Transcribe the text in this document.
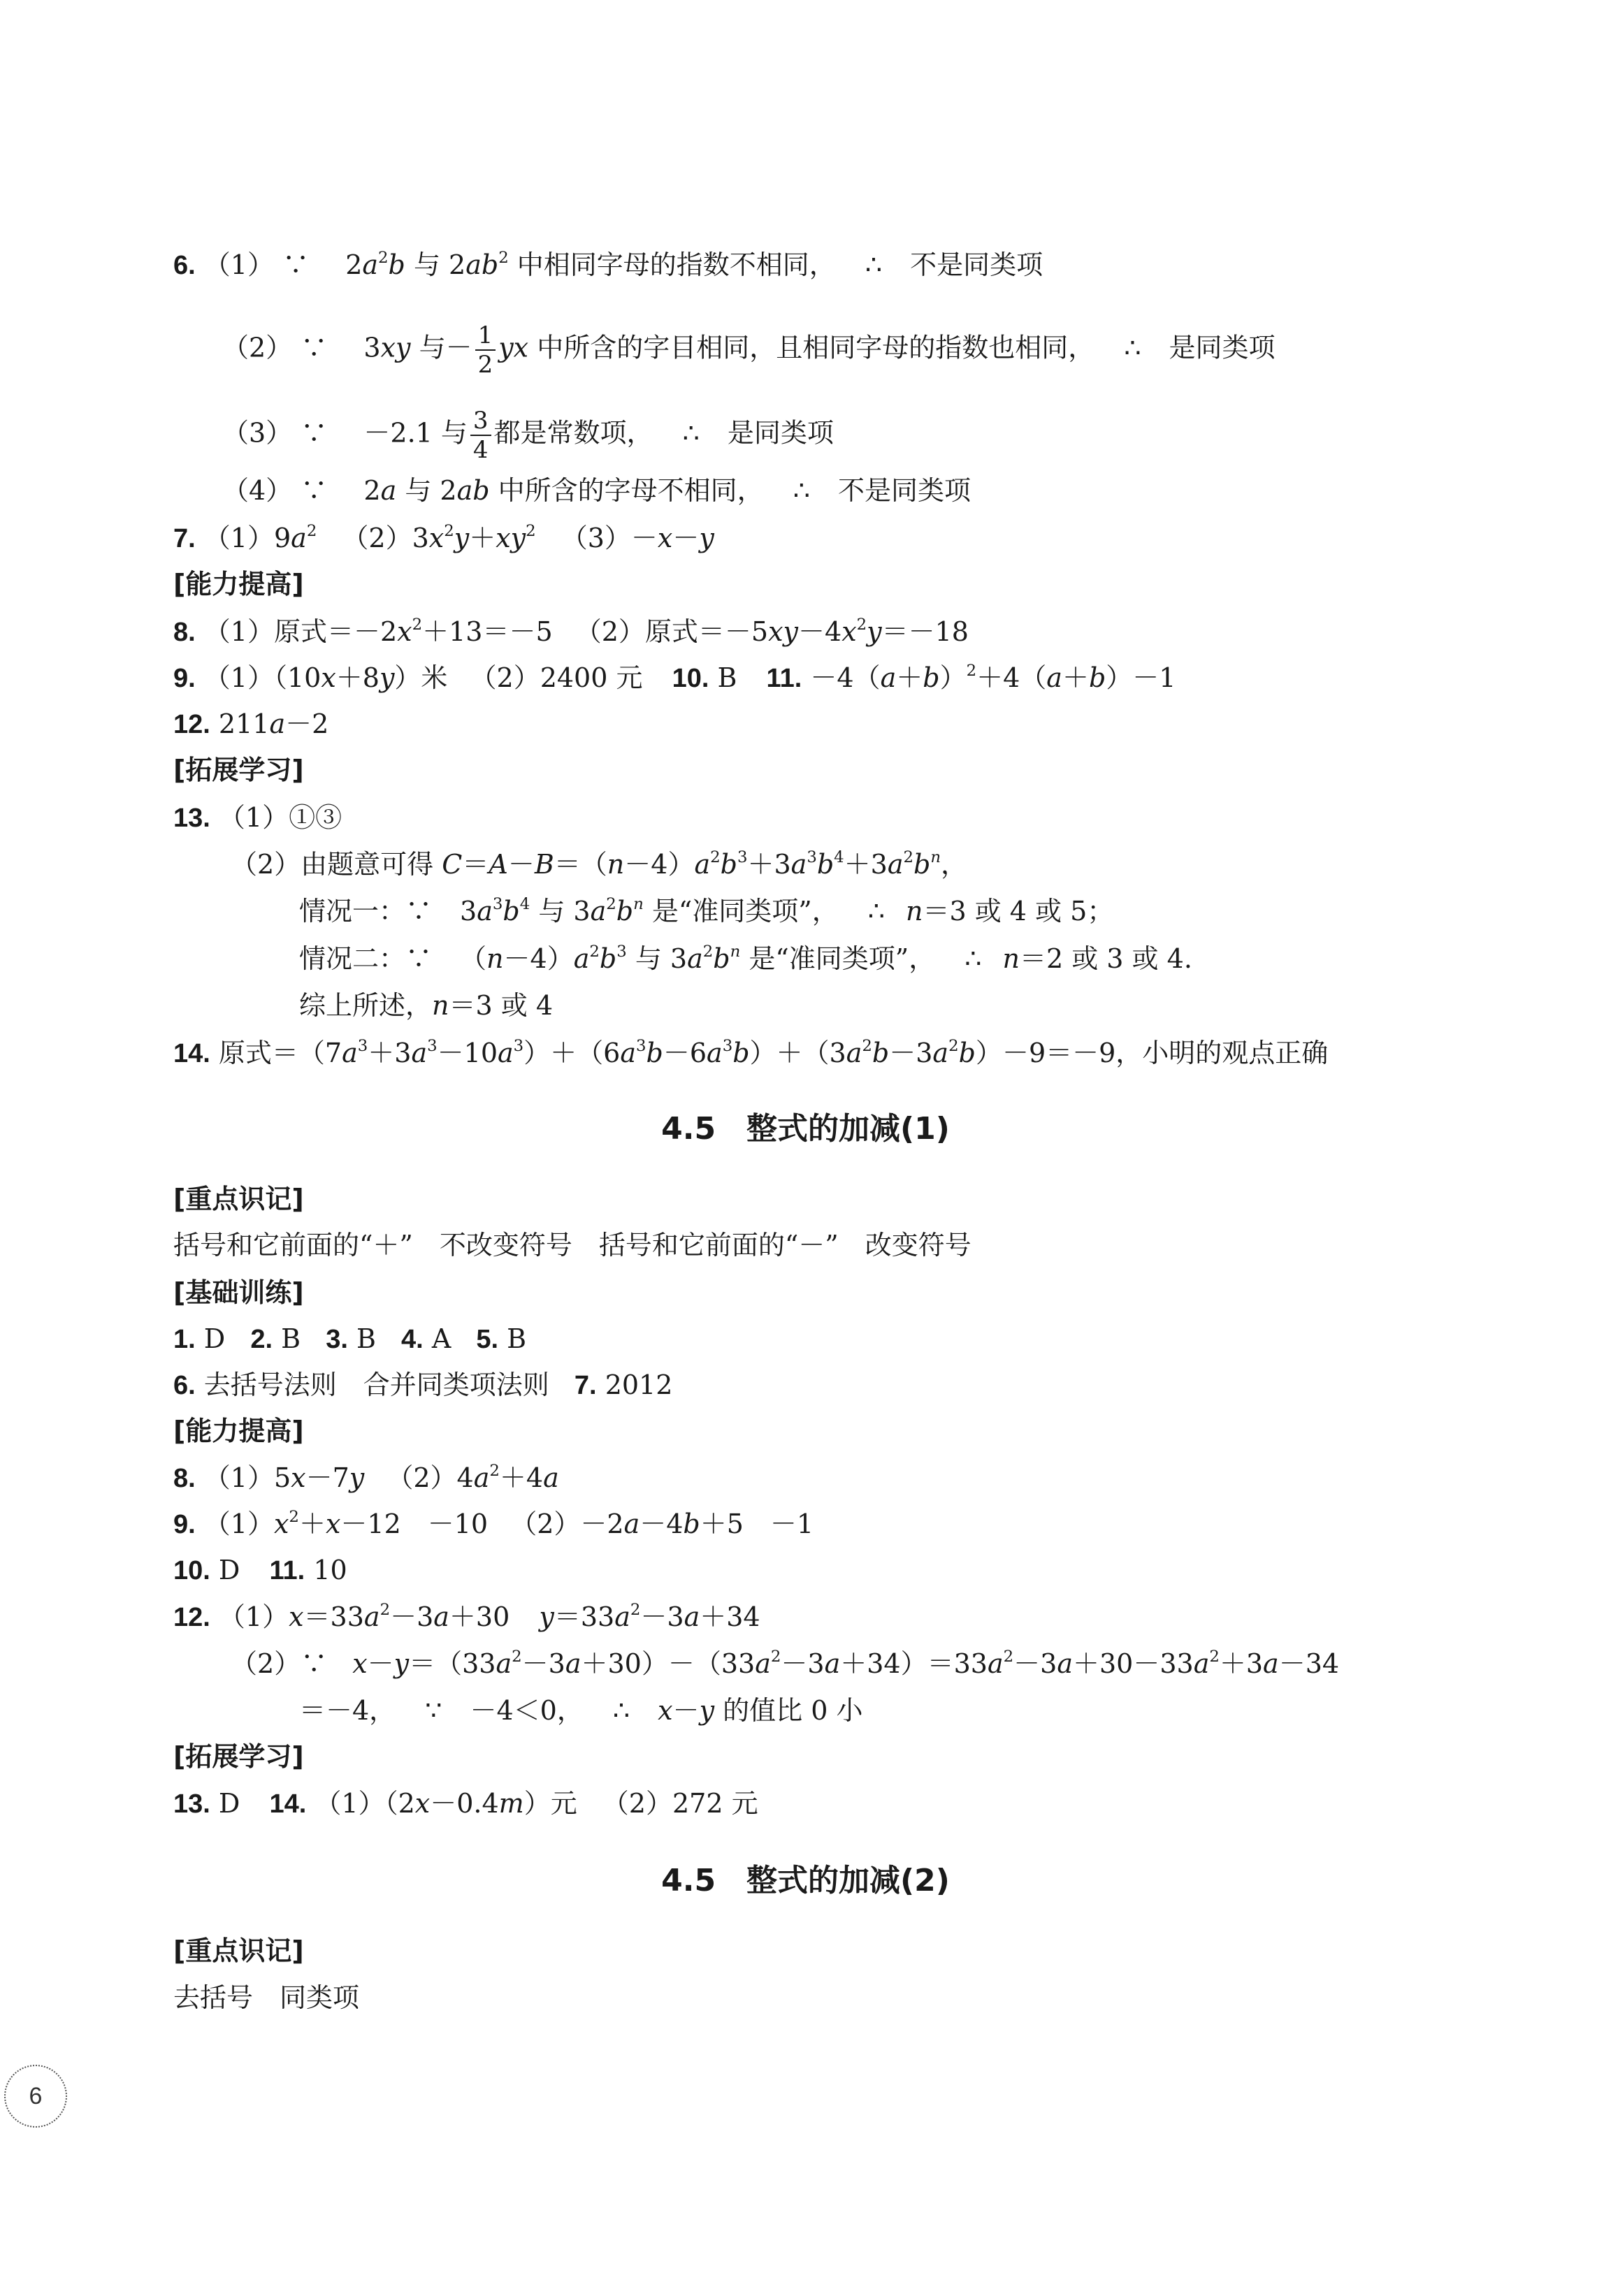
6. （1） ∵ $2a^2b$ 与 $2ab^2$ 中相同字母的指数不相同， ∴ 不是同类项
（2） ∵ 3xy 与－ $\frac{1}{2}$ yx 中所含的字目相同，且相同字母的指数也相同， ∴ 是同类项
（3） ∵ －2.1 与 $\frac{3}{4}$ 都是常数项， ∴ 是同类项
（4） ∵ 2a 与 2ab 中所含的字母不相同， ∴ 不是同类项
7. $(1)9a^2$ $(2)3x^2y+xy^2$ （3）－x－y
[能力提高]
8. （1）原式$=-2x^2+13=-5$ （2）原式$=-5xy-4x^2y=-18$
9. （1）（10x＋8y）米 （2）2400 元 10. B 11. $-4(a+b)^2+4(a+b)-1$
12. 211a－2
[拓展学习]
13. （1）①③
（2）由题意可得 $C=A-B=(n-4)a^2b^3+3a^3b^4+3a^2b^n$，
情况一：∵ $3a^3b^4$ 与 $3a^2b^n$ 是“准同类项”， ∴ n＝3 或 4 或 5；
情况二：∵ $(n-4)a^2b^3$ 与 $3a^2b^n$ 是“准同类项”， ∴ n＝2 或 3 或 4.
综上所述，n＝3 或 4
14. 原式$=(7a^3+3a^3-10a^3)+(6a^3b-6a^3b)+(3a^2b-3a^2b)-9=-9$，小明的观点正确
4.5　整式的加减(1)
[重点识记]
括号和它前面的“＋”　不改变符号　括号和它前面的“－”　改变符号
[基础训练]
1. D 2. B 3. B 4. A 5. B
6. 去括号法则　合并同类项法则 7. 2012
[能力提高]
8. （1）5x－7y $(2)4a^2+4a$
9. $(1)x^2+x-12$　－10 （2）－2a－4b＋5　－1
10. D 11. 10
12. $(1)x=33a^2-3a+30$ $y=33a^2-3a+34$
（2）∵ $x-y=(33a^2-3a+30)-(33a^2-3a+34)=33a^2-3a+30-33a^2+3a-34$
＝－4， ∵ －4＜0， ∴ x－y 的值比 0 小
[拓展学习]
13. D 14. （1）（2x－0.4m）元 （2）272 元
4.5　整式的加减(2)
[重点识记]
去括号　同类项
6
